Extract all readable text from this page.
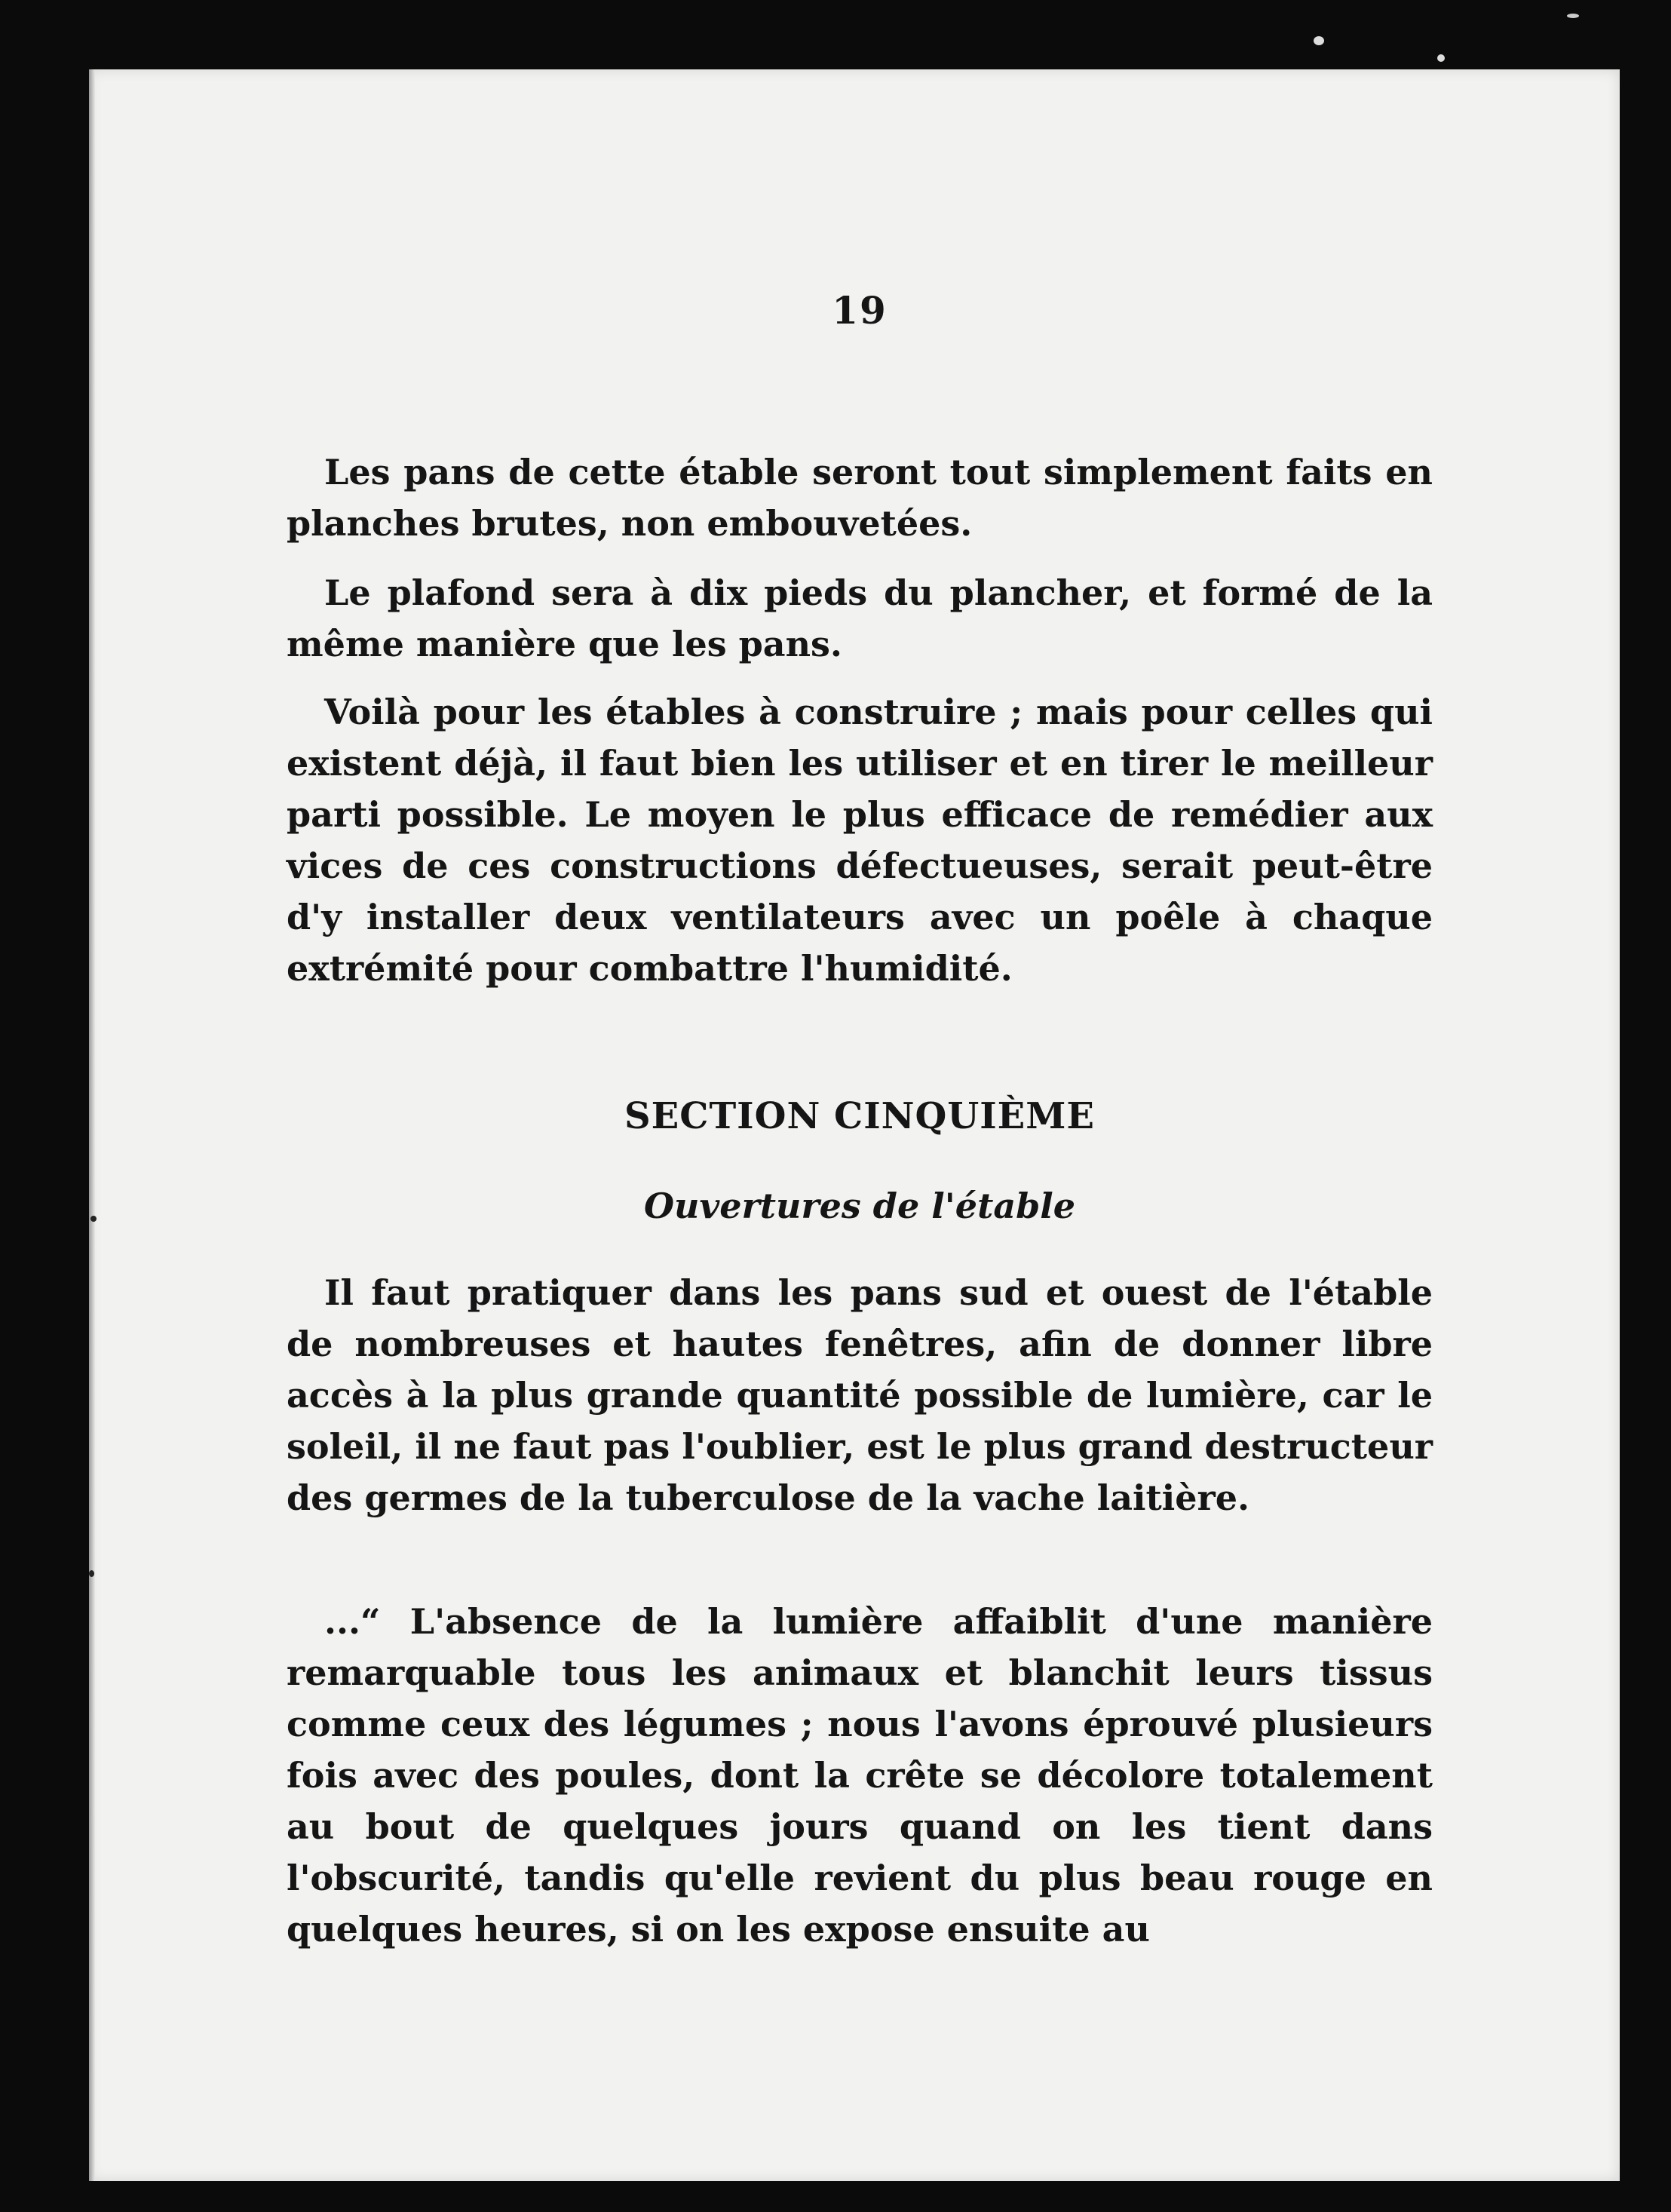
19

Les pans de cette étable seront tout simplement faits en planches brutes, non embouvetées.

Le plafond sera à dix pieds du plancher, et formé de la même manière que les pans.

Voilà pour les étables à construire ; mais pour celles qui existent déjà, il faut bien les utiliser et en tirer le meilleur parti possible. Le moyen le plus efficace de remédier aux vices de ces constructions défectueuses, serait peut-être d'y installer deux ventilateurs avec un poêle à chaque extrémité pour combattre l'humidité.

SECTION CINQUIÈME
Ouvertures de l'étable

Il faut pratiquer dans les pans sud et ouest de l'étable de nombreuses et hautes fenêtres, afin de donner libre accès à la plus grande quantité possible de lumière, car le soleil, il ne faut pas l'oublier, est le plus grand destructeur des germes de la tuberculose de la vache laitière.

...“ L'absence de la lumière affaiblit d'une manière remarquable tous les animaux et blanchit leurs tissus comme ceux des légumes ; nous l'avons éprouvé plusieurs fois avec des poules, dont la crête se décolore totalement au bout de quelques jours quand on les tient dans l'obscurité, tandis qu'elle revient du plus beau rouge en quelques heures, si on les expose ensuite au
